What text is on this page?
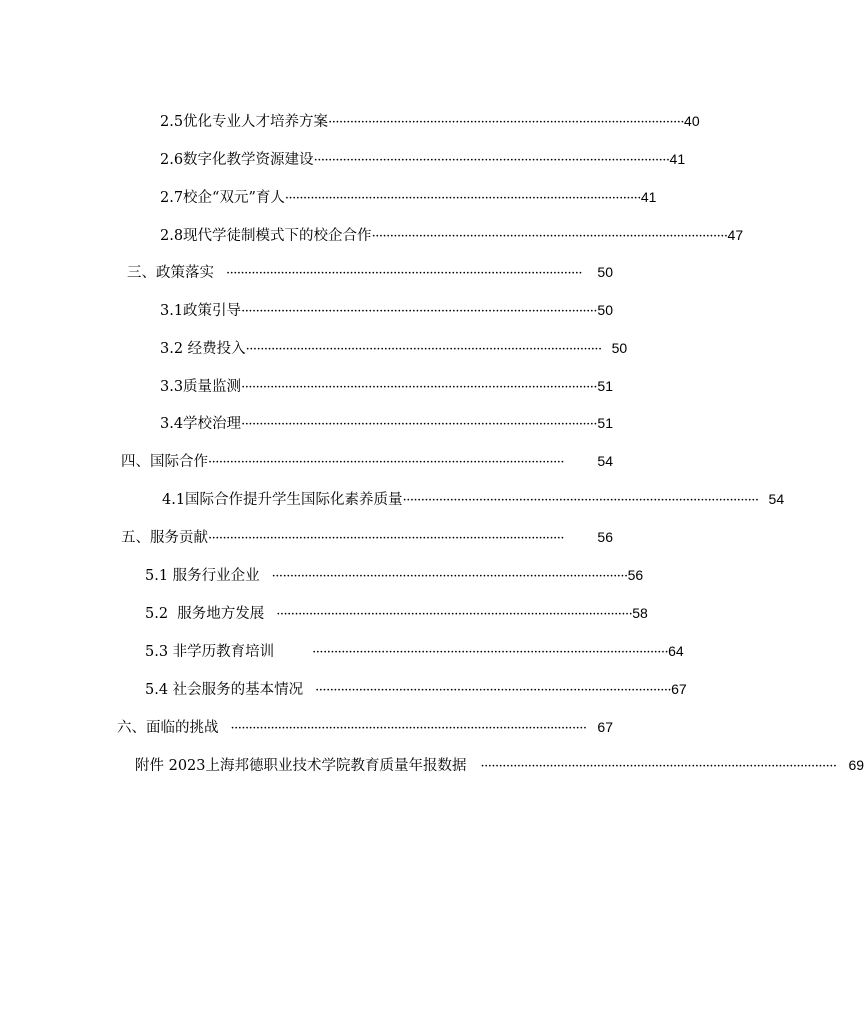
2.5优化专业人才培养方案 ·································································································· 40
2.6数字化教学资源建设 ·································································································· 41
2.7校企“双元”育人 ·································································································· 41
2.8现代学徒制模式下的校企合作 ·································································································· 47
三、政策落实 ··································································································	50
3.1政策引导 ·································································································· 50
3.2 经费投入 ·································································································· 50
3.3质量监测 ·································································································· 51
3.4学校治理 ·································································································· 51
四、国际合作 ··································································································	54
4.1国际合作提升学生国际化素养质量 ·································································································· 54
五、服务贡献 ··································································································	56
5.1 服务行业企业 ·································································································· 56
5.2  服务地方发展 ·································································································· 58
5.3 非学历教育培训	·································································································· 64
5.4 社会服务的基本情况 ·································································································· 67
六、面临的挑战 ·································································································· 67
附件 2023上海邦德职业技术学院教育质量年报数据 ·································································································· 69
